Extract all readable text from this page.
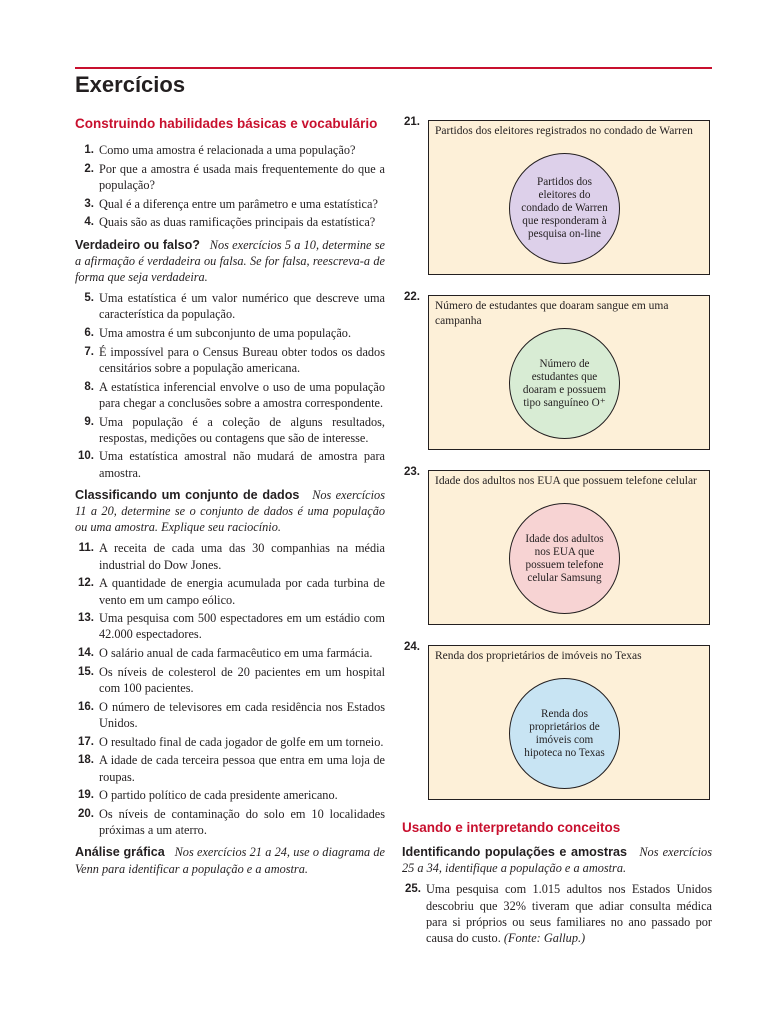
Exercícios
Construindo habilidades básicas e vocabulário
1. Como uma amostra é relacionada a uma população?
2. Por que a amostra é usada mais frequentemente do que a população?
3. Qual é a diferença entre um parâmetro e uma estatística?
4. Quais são as duas ramificações principais da estatística?

Verdadeiro ou falso? Nos exercícios 5 a 10, determine se a afirmação é verdadeira ou falsa. Se for falsa, reescreva-a de forma que seja verdadeira.

5. Uma estatística é um valor numérico que descreve uma característica da população.
6. Uma amostra é um subconjunto de uma população.
7. É impossível para o Census Bureau obter todos os dados censitários sobre a população americana.
8. A estatística inferencial envolve o uso de uma população para chegar a conclusões sobre a amostra correspondente.
9. Uma população é a coleção de alguns resultados, respostas, medições ou contagens que são de interesse.
10. Uma estatística amostral não mudará de amostra para amostra.

Classificando um conjunto de dados Nos exercícios 11 a 20, determine se o conjunto de dados é uma população ou uma amostra. Explique seu raciocínio.

11. A receita de cada uma das 30 companhias na média industrial do Dow Jones.
12. A quantidade de energia acumulada por cada turbina de vento em um campo eólico.
13. Uma pesquisa com 500 espectadores em um estádio com 42.000 espectadores.
14. O salário anual de cada farmacêutico em uma farmácia.
15. Os níveis de colesterol de 20 pacientes em um hospital com 100 pacientes.
16. O número de televisores em cada residência nos Estados Unidos.
17. O resultado final de cada jogador de golfe em um torneio.
18. A idade de cada terceira pessoa que entra em uma loja de roupas.
19. O partido político de cada presidente americano.
20. Os níveis de contaminação do solo em 10 localidades próximas a um aterro.

Análise gráfica Nos exercícios 21 a 24, use o diagrama de Venn para identificar a população e a amostra.

21.
Partidos dos eleitores registrados no condado de Warren
Partidos dos eleitores do condado de Warren que responderam à pesquisa on-line
22.
Número de estudantes que doaram sangue em uma campanha
Número de estudantes que doaram e possuem tipo sanguíneo O⁺
23.
Idade dos adultos nos EUA que possuem telefone celular
Idade dos adultos nos EUA que possuem telefone celular Samsung
24.
Renda dos proprietários de imóveis no Texas
Renda dos proprietários de imóveis com hipoteca no Texas
Usando e interpretando conceitos

Identificando populações e amostras Nos exercícios 25 a 34, identifique a população e a amostra.

25. Uma pesquisa com 1.015 adultos nos Estados Unidos descobriu que 32% tiveram que adiar consulta médica para si próprios ou seus familiares no ano passado por causa do custo. (Fonte: Gallup.)
